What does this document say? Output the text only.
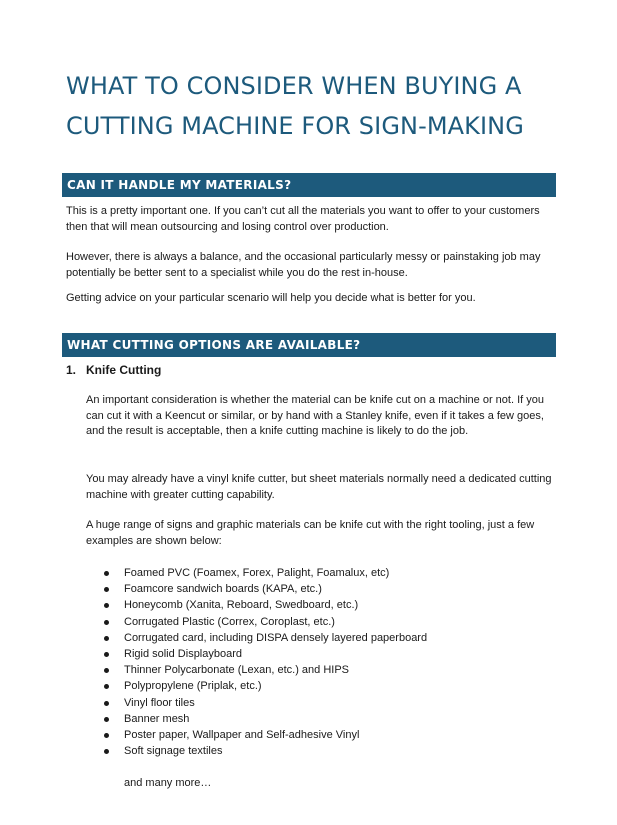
WHAT TO CONSIDER WHEN BUYING A
CUTTING MACHINE FOR SIGN-MAKING
CAN IT HANDLE MY MATERIALS?

This is a pretty important one. If you can’t cut all the materials you want to offer to your customers then that will mean outsourcing and losing control over production.

However, there is always a balance, and the occasional particularly messy or painstaking job may potentially be better sent to a specialist while you do the rest in-house.

Getting advice on your particular scenario will help you decide what is better for you.

WHAT CUTTING OPTIONS ARE AVAILABLE?
1. Knife Cutting

An important consideration is whether the material can be knife cut on a machine or not. If you can cut it with a Keencut or similar, or by hand with a Stanley knife, even if it takes a few goes, and the result is acceptable, then a knife cutting machine is likely to do the job.

You may already have a vinyl knife cutter, but sheet materials normally need a dedicated cutting machine with greater cutting capability.

A huge range of signs and graphic materials can be knife cut with the right tooling, just a few examples are shown below:

Foamed PVC (Foamex, Forex, Palight, Foamalux, etc)
Foamcore sandwich boards (KAPA, etc.)
Honeycomb (Xanita, Reboard, Swedboard, etc.)
Corrugated Plastic (Correx, Coroplast, etc.)
Corrugated card, including DISPA densely layered paperboard
Rigid solid Displayboard
Thinner Polycarbonate (Lexan, etc.) and HIPS
Polypropylene (Priplak, etc.)
Vinyl floor tiles
Banner mesh
Poster paper, Wallpaper and Self-adhesive Vinyl
Soft signage textiles
and many more…
